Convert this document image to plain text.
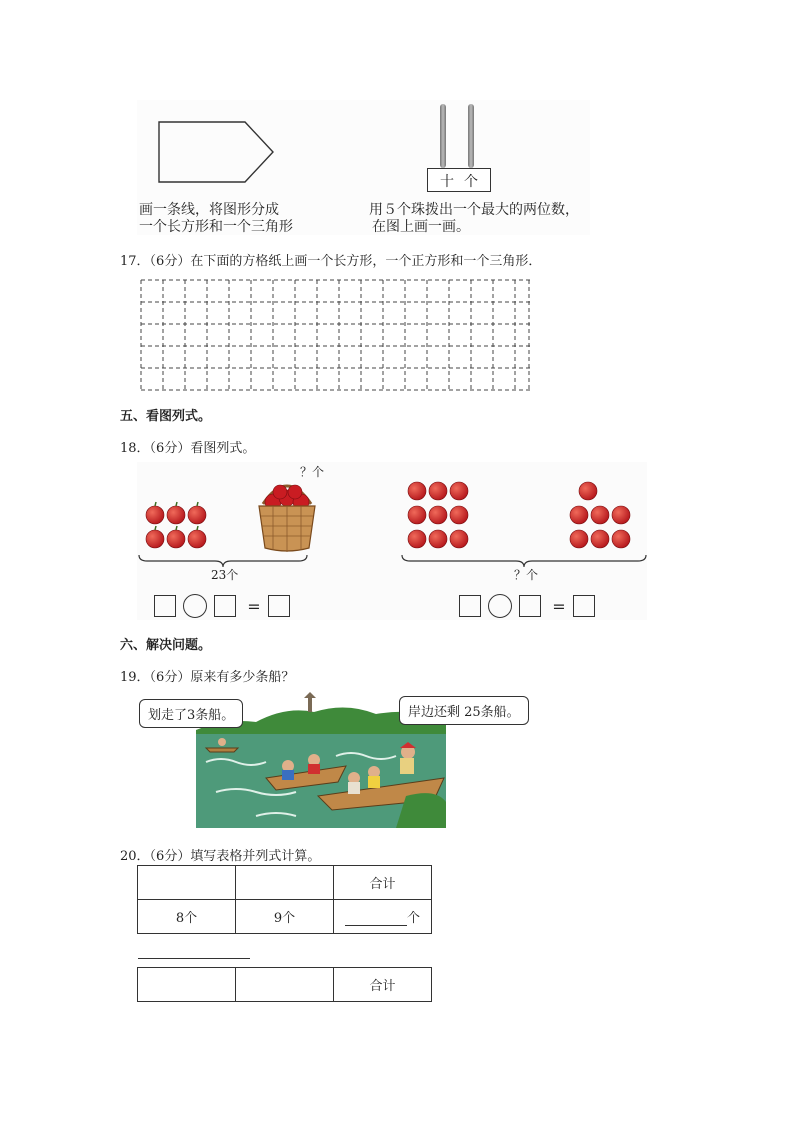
画一条线，将图形分成
一个长方形和一个三角形
十 个
用５个珠拨出一个最大的两位数，
在图上画一画。
17．（6分）在下面的方格纸上画一个长方形，一个正方形和一个三角形．
五、看图列式。
18．（6分）看图列式。
？个
23个	？个
=	=
六、解决问题。
19．（6分）原来有多少条船？
划走了3条船。	岸边还剩 25条船。
20．（6分）填写表格并列式计算。
		合计
8个	9个	个
		合计
